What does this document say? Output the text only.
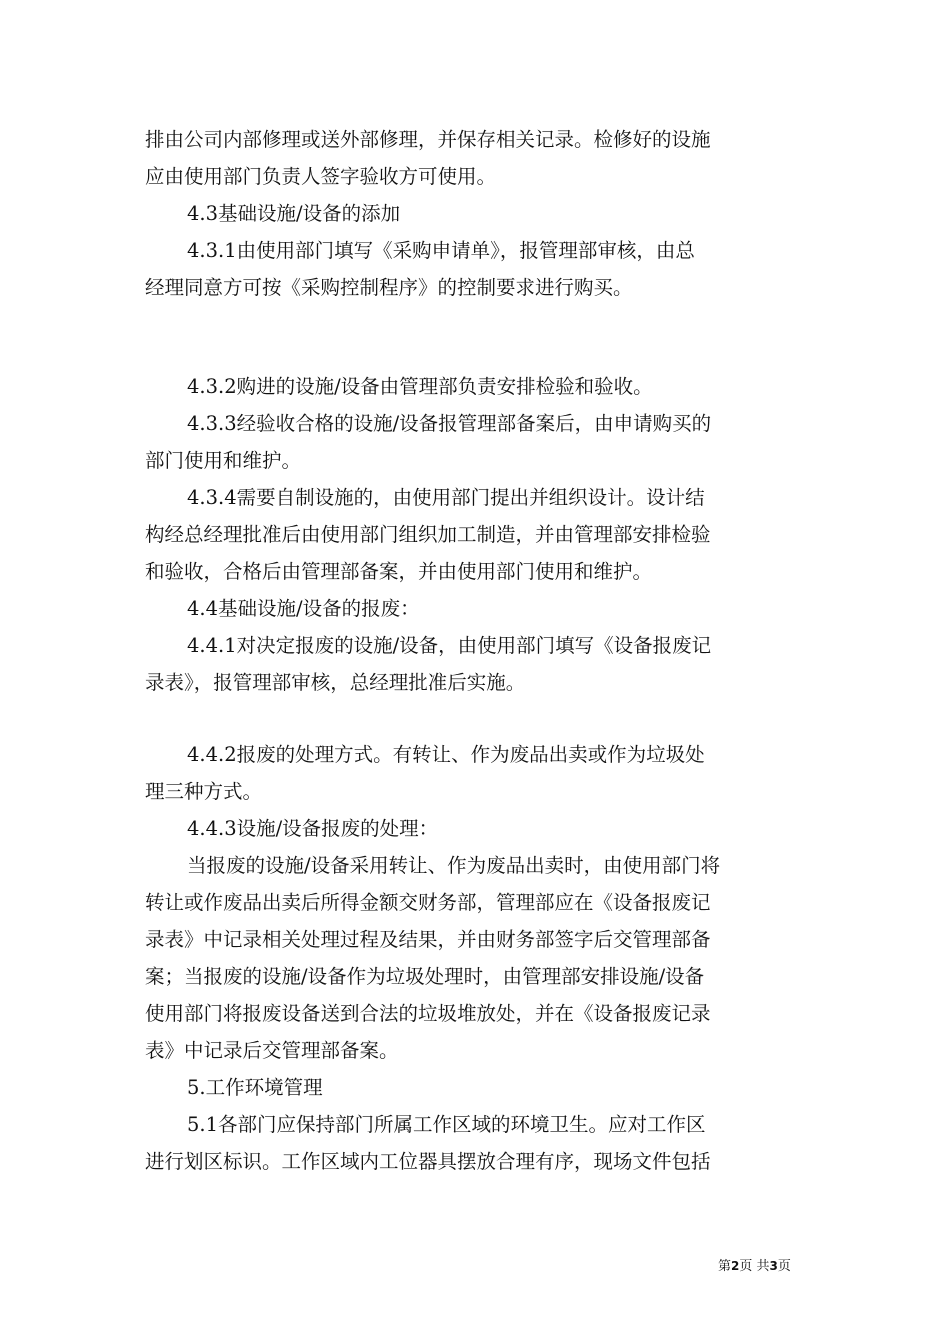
排由公司内部修理或送外部修理，并保存相关记录。检修好的设施
应由使用部门负责人签字验收方可使用。

4.3基础设施/设备的添加

4.3.1由使用部门填写《采购申请单》，报管理部审核，由总
经理同意方可按《采购控制程序》的控制要求进行购买。

4.3.2购进的设施/设备由管理部负责安排检验和验收。

4.3.3经验收合格的设施/设备报管理部备案后，由申请购买的
部门使用和维护。

4.3.4需要自制设施的，由使用部门提出并组织设计。设计结
构经总经理批准后由使用部门组织加工制造，并由管理部安排检验
和验收，合格后由管理部备案，并由使用部门使用和维护。

4.4基础设施/设备的报废：

4.4.1对决定报废的设施/设备，由使用部门填写《设备报废记
录表》，报管理部审核，总经理批准后实施。

4.4.2报废的处理方式。有转让、作为废品出卖或作为垃圾处
理三种方式。

4.4.3设施/设备报废的处理：

当报废的设施/设备采用转让、作为废品出卖时，由使用部门将
转让或作废品出卖后所得金额交财务部，管理部应在《设备报废记
录表》中记录相关处理过程及结果，并由财务部签字后交管理部备
案；当报废的设施/设备作为垃圾处理时，由管理部安排设施/设备
使用部门将报废设备送到合法的垃圾堆放处，并在《设备报废记录
表》中记录后交管理部备案。

5.工作环境管理

5.1各部门应保持部门所属工作区域的环境卫生。应对工作区
进行划区标识。工作区域内工位器具摆放合理有序，现场文件包括

第2页 共3页
